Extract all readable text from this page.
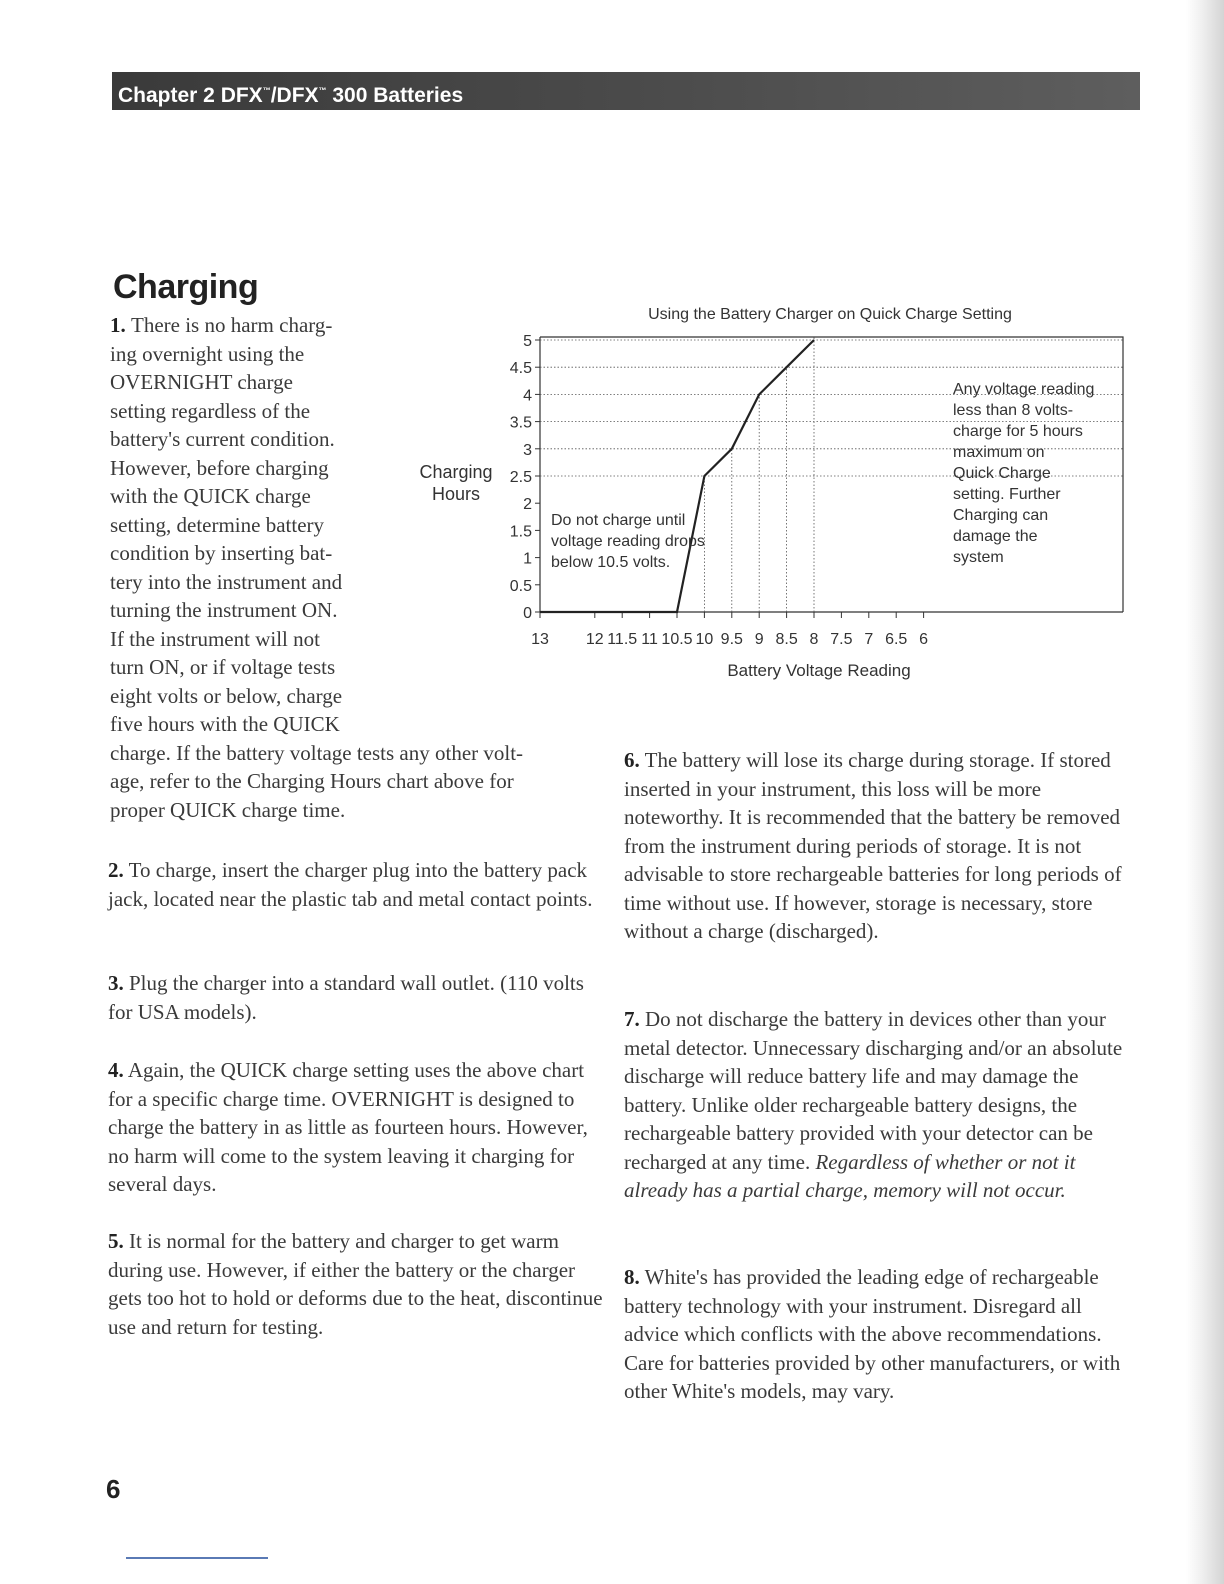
Chapter 2 DFX™/DFX™ 300 Batteries
Charging
Using the Battery Charger on Quick Charge Setting
0
0.5
1
1.5
2
2.5
3
3.5
4
4.5
5
13 12 11.5 11 10.5 10 9.5 9 8.5 8 7.5 7 6.5 6
Charging
Hours
Battery Voltage Reading
Do not charge until
voltage reading drops
below 10.5 volts.
Any voltage reading
less than 8 volts-
charge for 5 hours
maximum on
Quick Charge
setting. Further
Charging can
damage the
system

1. There is no harm charg-
ing overnight using the
OVERNIGHT charge
setting regardless of the
battery's current condition.
However, before charging
with the QUICK charge
setting, determine battery
condition by inserting bat-
tery into the instrument and
turning the instrument ON.
If the instrument will not
turn ON, or if voltage tests
eight volts or below, charge
five hours with the QUICK
charge. If the battery voltage tests any other volt-
age, refer to the Charging Hours chart above for
proper QUICK charge time.

2. To charge, insert the charger plug into the battery pack jack, located near the plastic tab and metal contact points.

3. Plug the charger into a standard wall outlet. (110 volts for USA models).

4. Again, the QUICK charge setting uses the above chart for a specific charge time. OVERNIGHT is designed to charge the battery in as little as fourteen hours. However, no harm will come to the system leaving it charging for several days.

5. It is normal for the battery and charger to get warm during use. However, if either the battery or the charger gets too hot to hold or deforms due to the heat, discontinue use and return for testing.

6. The battery will lose its charge during storage. If stored inserted in your instrument, this loss will be more noteworthy. It is recommended that the battery be removed from the instrument during periods of storage. It is not advisable to store rechargeable batteries for long periods of time without use. If however, storage is necessary, store without a charge (discharged).

7. Do not discharge the battery in devices other than your metal detector. Unnecessary discharging and/or an absolute discharge will reduce battery life and may damage the battery. Unlike older rechargeable battery designs, the rechargeable battery provided with your detector can be recharged at any time. Regardless of whether or not it already has a partial charge, memory will not occur.

8. White's has provided the leading edge of rechargeable battery technology with your instrument. Disregard all advice which conflicts with the above recommendations. Care for batteries provided by other manufacturers, or with other White's models, may vary.

6
